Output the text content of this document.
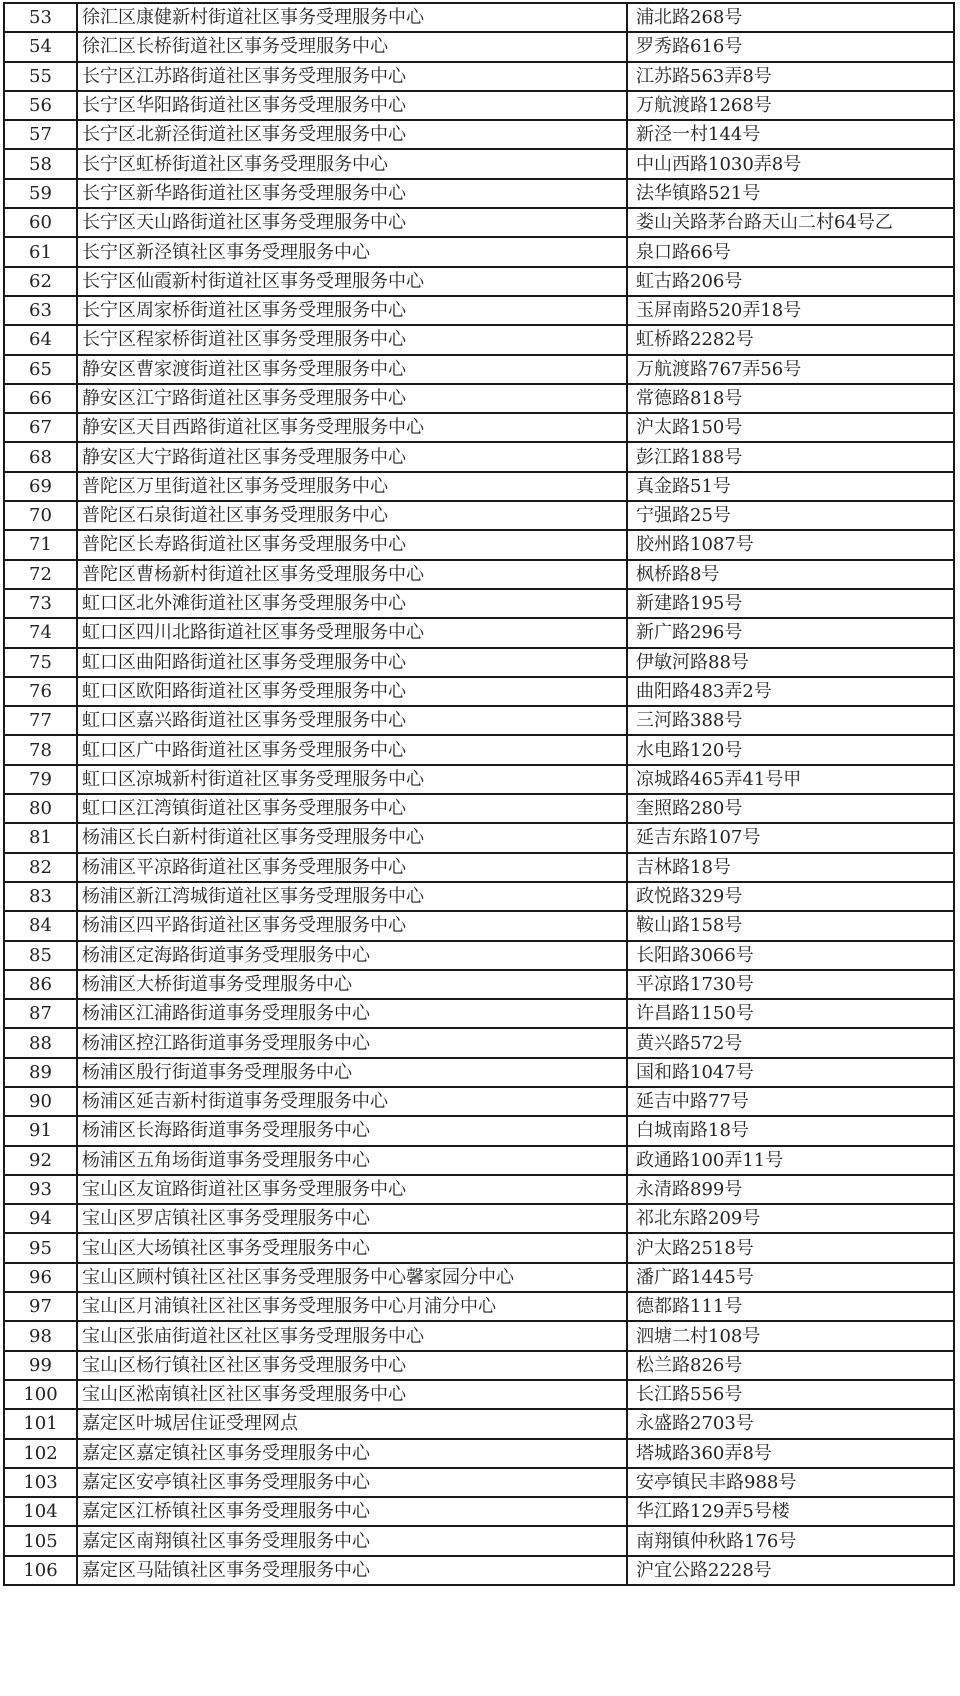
53	徐汇区康健新村街道社区事务受理服务中心	浦北路268号
54	徐汇区长桥街道社区事务受理服务中心	罗秀路616号
55	长宁区江苏路街道社区事务受理服务中心	江苏路563弄8号
56	长宁区华阳路街道社区事务受理服务中心	万航渡路1268号
57	长宁区北新泾街道社区事务受理服务中心	新泾一村144号
58	长宁区虹桥街道社区事务受理服务中心	中山西路1030弄8号
59	长宁区新华路街道社区事务受理服务中心	法华镇路521号
60	长宁区天山路街道社区事务受理服务中心	娄山关路茅台路天山二村64号乙
61	长宁区新泾镇社区事务受理服务中心	泉口路66号
62	长宁区仙霞新村街道社区事务受理服务中心	虹古路206号
63	长宁区周家桥街道社区事务受理服务中心	玉屏南路520弄18号
64	长宁区程家桥街道社区事务受理服务中心	虹桥路2282号
65	静安区曹家渡街道社区事务受理服务中心	万航渡路767弄56号
66	静安区江宁路街道社区事务受理服务中心	常德路818号
67	静安区天目西路街道社区事务受理服务中心	沪太路150号
68	静安区大宁路街道社区事务受理服务中心	彭江路188号
69	普陀区万里街道社区事务受理服务中心	真金路51号
70	普陀区石泉街道社区事务受理服务中心	宁强路25号
71	普陀区长寿路街道社区事务受理服务中心	胶州路1087号
72	普陀区曹杨新村街道社区事务受理服务中心	枫桥路8号
73	虹口区北外滩街道社区事务受理服务中心	新建路195号
74	虹口区四川北路街道社区事务受理服务中心	新广路296号
75	虹口区曲阳路街道社区事务受理服务中心	伊敏河路88号
76	虹口区欧阳路街道社区事务受理服务中心	曲阳路483弄2号
77	虹口区嘉兴路街道社区事务受理服务中心	三河路388号
78	虹口区广中路街道社区事务受理服务中心	水电路120号
79	虹口区凉城新村街道社区事务受理服务中心	凉城路465弄41号甲
80	虹口区江湾镇街道社区事务受理服务中心	奎照路280号
81	杨浦区长白新村街道社区事务受理服务中心	延吉东路107号
82	杨浦区平凉路街道社区事务受理服务中心	吉林路18号
83	杨浦区新江湾城街道社区事务受理服务中心	政悦路329号
84	杨浦区四平路街道社区事务受理服务中心	鞍山路158号
85	杨浦区定海路街道事务受理服务中心	长阳路3066号
86	杨浦区大桥街道事务受理服务中心	平凉路1730号
87	杨浦区江浦路街道事务受理服务中心	许昌路1150号
88	杨浦区控江路街道事务受理服务中心	黄兴路572号
89	杨浦区殷行街道事务受理服务中心	国和路1047号
90	杨浦区延吉新村街道事务受理服务中心	延吉中路77号
91	杨浦区长海路街道事务受理服务中心	白城南路18号
92	杨浦区五角场街道事务受理服务中心	政通路100弄11号
93	宝山区友谊路街道社区事务受理服务中心	永清路899号
94	宝山区罗店镇社区事务受理服务中心	祁北东路209号
95	宝山区大场镇社区事务受理服务中心	沪太路2518号
96	宝山区顾村镇社区社区事务受理服务中心馨家园分中心	潘广路1445号
97	宝山区月浦镇社区社区事务受理服务中心月浦分中心	德都路111号
98	宝山区张庙街道社区社区事务受理服务中心	泗塘二村108号
99	宝山区杨行镇社区社区事务受理服务中心	松兰路826号
100	宝山区淞南镇社区社区事务受理服务中心	长江路556号
101	嘉定区叶城居住证受理网点	永盛路2703号
102	嘉定区嘉定镇社区事务受理服务中心	塔城路360弄8号
103	嘉定区安亭镇社区事务受理服务中心	安亭镇民丰路988号
104	嘉定区江桥镇社区事务受理服务中心	华江路129弄5号楼
105	嘉定区南翔镇社区事务受理服务中心	南翔镇仲秋路176号
106	嘉定区马陆镇社区事务受理服务中心	沪宜公路2228号
